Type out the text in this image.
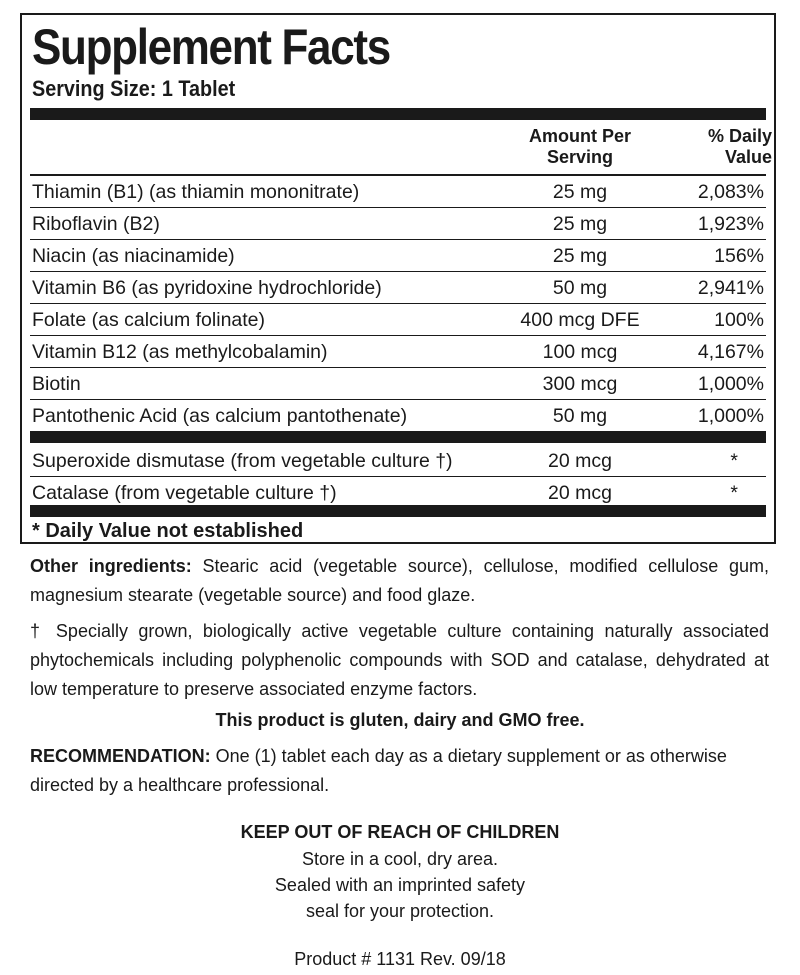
Supplement Facts
Serving Size: 1 Tablet
Amount Per
Serving
% Daily
Value
Thiamin (B1) (as thiamin mononitrate)	25 mg	2,083%
Riboflavin (B2)	25 mg	1,923%
Niacin (as niacinamide)	25 mg	156%
Vitamin B6 (as pyridoxine hydrochloride)	50 mg	2,941%
Folate (as calcium folinate)	400 mcg DFE	100%
Vitamin B12 (as methylcobalamin)	100 mcg	4,167%
Biotin	300 mcg	1,000%
Pantothenic Acid (as calcium pantothenate)	50 mg	1,000%
Superoxide dismutase (from vegetable culture †)	20 mcg	*
Catalase (from vegetable culture †)	20 mcg	*
* Daily Value not established

Other ingredients: Stearic acid (vegetable source), cellulose, modified cellulose gum, magnesium stearate (vegetable source) and food glaze.

† Specially grown, biologically active vegetable culture containing naturally associated phytochemicals including polyphenolic compounds with SOD and catalase, dehydrated at low temperature to preserve associated enzyme factors.

This product is gluten, dairy and GMO free.

RECOMMENDATION: One (1) tablet each day as a dietary supplement or as otherwise directed by a healthcare professional.

KEEP OUT OF REACH OF CHILDREN

Store in a cool, dry area.

Sealed with an imprinted safety

seal for your protection.

Product # 1131 Rev. 09/18
